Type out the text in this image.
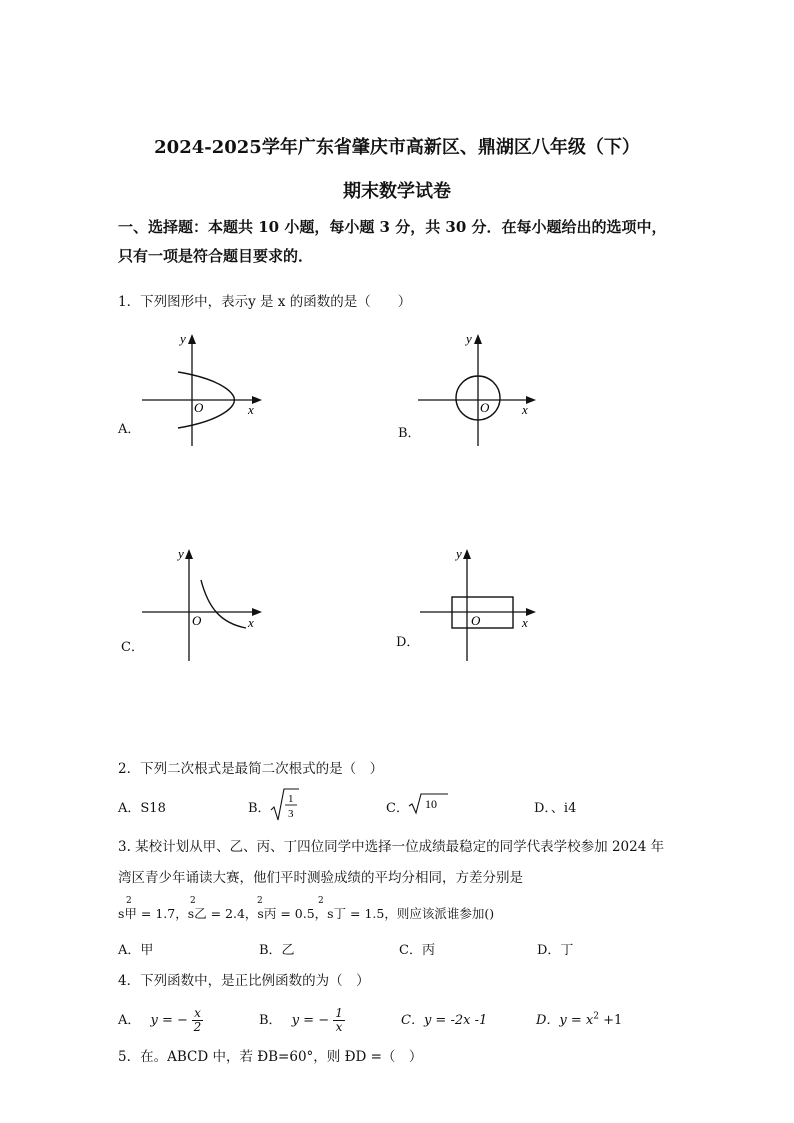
2024-2025学年广东省肇庆市高新区、鼎湖区八年级（下）
期末数学试卷
一、选择题：本题共 10 小题，每小题 3 分，共 30 分．在每小题给出的选项中，
只有一项是符合题目要求的．
1．下列图形中，表示y 是 x 的函数的是（　　）
y
x
O
A．
y
x
O
B．
y
x
O
C．
y
x
O
D．
2．下列二次根式是最简二次根式的是（　）
A．S18	B．
1
3	C． 10	D．、i4
3. 某校计划从甲、乙、丙、丁四位同学中选择一位成绩最稳定的同学代表学校参加 2024 年
湾区青少年诵读大赛，他们平时测验成绩的平均分相同，方差分别是
s甲 = 1.7，s乙 = 2.4，s丙 = 0.5，s丁 = 1.5，则应该派谁参加()
2	2	2	2
A．甲	B．乙	C．丙	D．丁
4．下列函数中，是正比例函数的为（　）
A． y = − $\frac{x}{2}$	B． y = − $\frac{1}{x}$	C．y = -2x -1	D．$y = x^2 +1$
5．在。ABCD 中，若 ÐB=60°，则 ÐD =（　）
